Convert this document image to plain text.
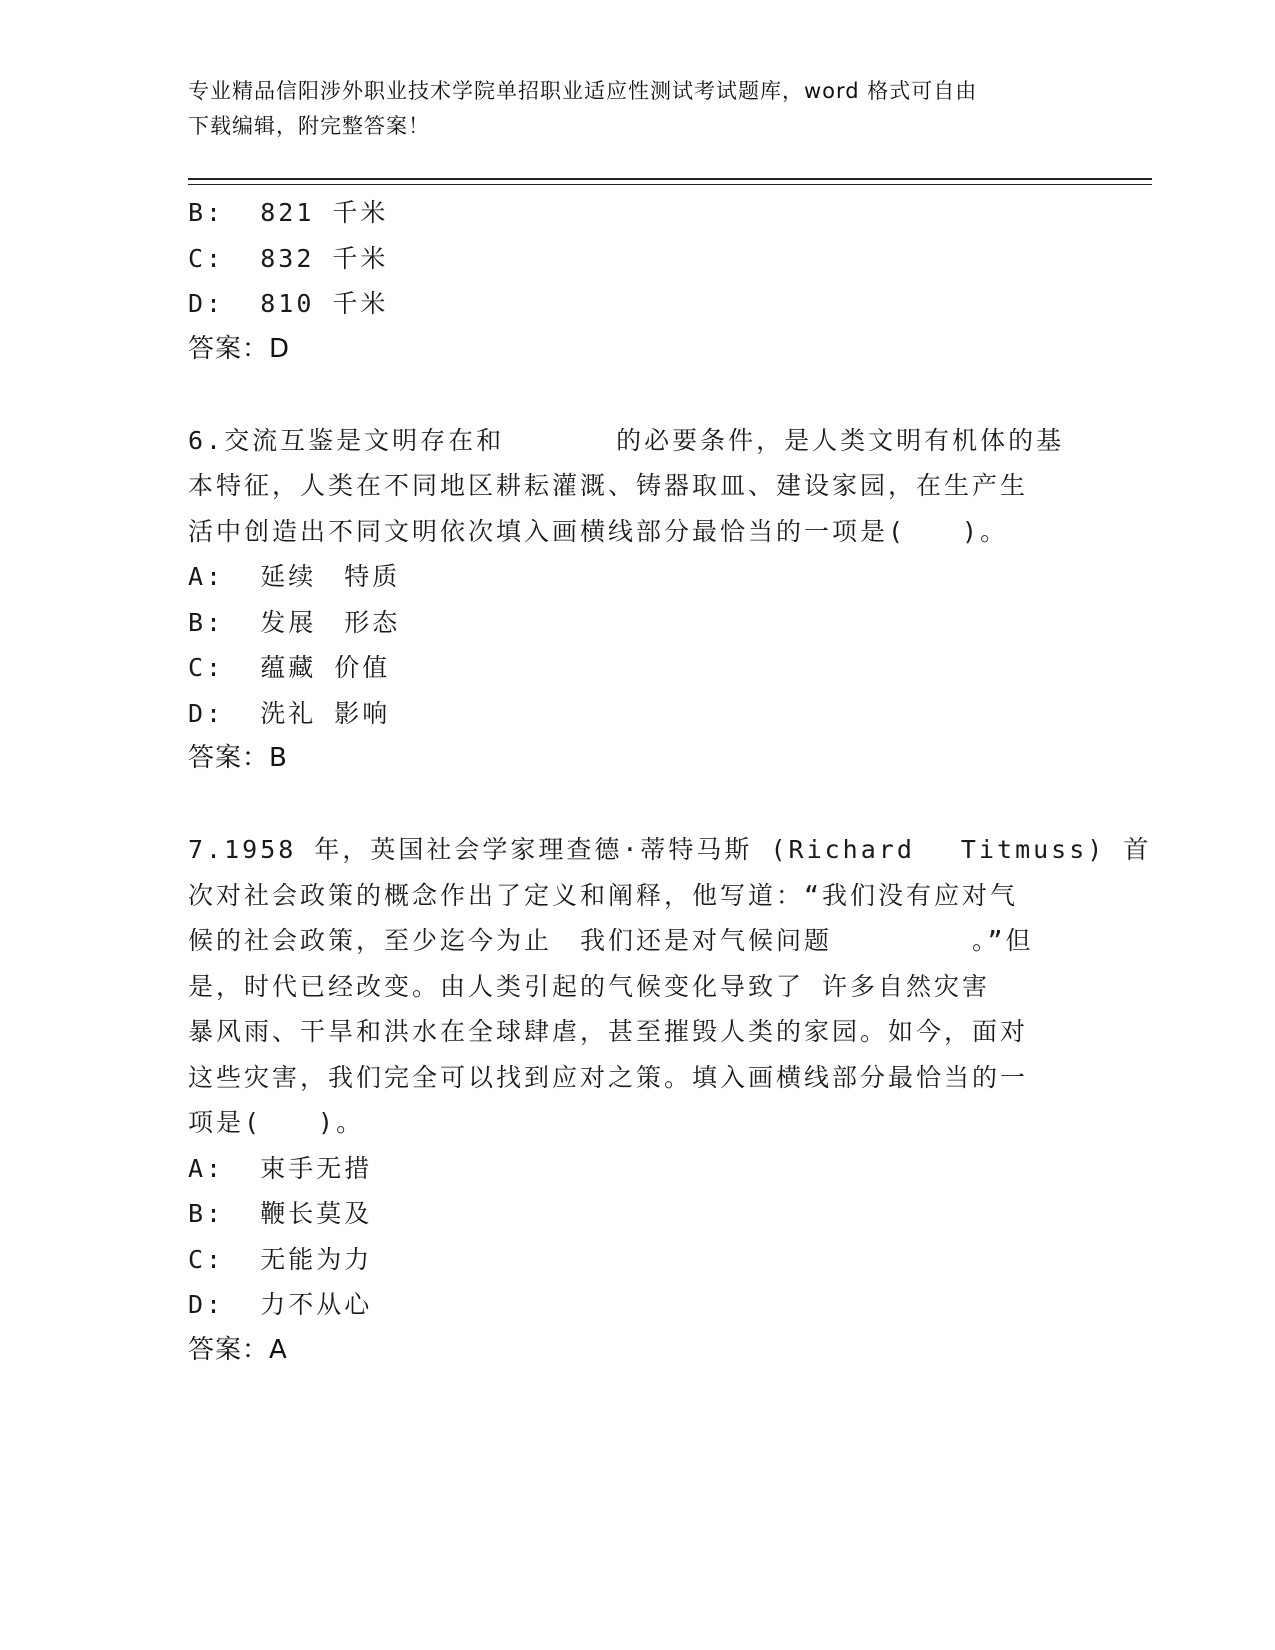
专业精品信阳涉外职业技术学院单招职业适应性测试考试题库，word 格式可自由
下载编辑，附完整答案！
B: 821 千米
C: 832 千米
D: 810 千米
答案：D
6.交流互鉴是文明存在和　　　　的必要条件，是人类文明有机体的基
本特征，人类在不同地区耕耘灌溉、铸器取皿、建设家园，在生产生
活中创造出不同文明依次填入画横线部分最恰当的一项是(　　)。
A: 延续　特质
B: 发展　形态
C: 蕴藏 价值
D: 洗礼 影响
答案：B
7.1958 年，英国社会学家理查德·蒂特马斯 (Richard　 Titmuss) 首
次对社会政策的概念作出了定义和阐释，他写道：“我们没有应对气
候的社会政策，至少迄今为止　我们还是对气候问题　　　　　。”但
是，时代已经改变。由人类引起的气候变化导致了 许多自然灾害
暴风雨、干旱和洪水在全球肆虐，甚至摧毁人类的家园。如今，面对
这些灾害，我们完全可以找到应对之策。填入画横线部分最恰当的一
项是(　　)。
A: 束手无措
B: 鞭长莫及
C: 无能为力
D: 力不从心
答案：A
